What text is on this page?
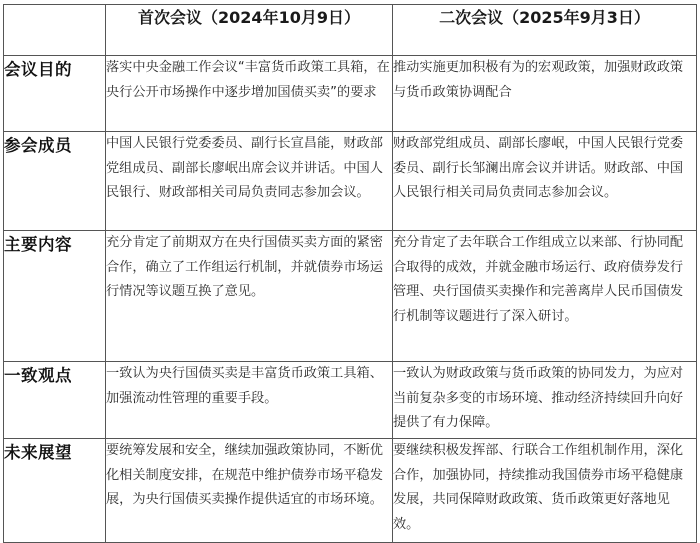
	首次会议（2024年10月9日）	二次会议（2025年9月3日）
会议目的	落实中央金融工作会议“丰富货币政策工具箱，在央行公开市场操作中逐步增加国债买卖”的要求	推动实施更加积极有为的宏观政策，加强财政政策与货币政策协调配合
参会成员	中国人民银行党委委员、副行长宣昌能，财政部党组成员、副部长廖岷出席会议并讲话。中国人民银行、财政部相关司局负责同志参加会议。	财政部党组成员、副部长廖岷，中国人民银行党委委员、副行长邹澜出席会议并讲话。财政部、中国人民银行相关司局负责同志参加会议。
主要内容	充分肯定了前期双方在央行国债买卖方面的紧密合作，确立了工作组运行机制，并就债券市场运行情况等议题互换了意见。	充分肯定了去年联合工作组成立以来部、行协同配合取得的成效，并就金融市场运行、政府债券发行管理、央行国债买卖操作和完善离岸人民币国债发行机制等议题进行了深入研讨。
一致观点	一致认为央行国债买卖是丰富货币政策工具箱、加强流动性管理的重要手段。	一致认为财政政策与货币政策的协同发力，为应对当前复杂多变的市场环境、推动经济持续回升向好提供了有力保障。
未来展望	要统筹发展和安全，继续加强政策协同，不断优化相关制度安排，在规范中维护债券市场平稳发展，为央行国债买卖操作提供适宜的市场环境。	要继续积极发挥部、行联合工作组机制作用，深化合作，加强协同，持续推动我国债券市场平稳健康发展，共同保障财政政策、货币政策更好落地见效。
